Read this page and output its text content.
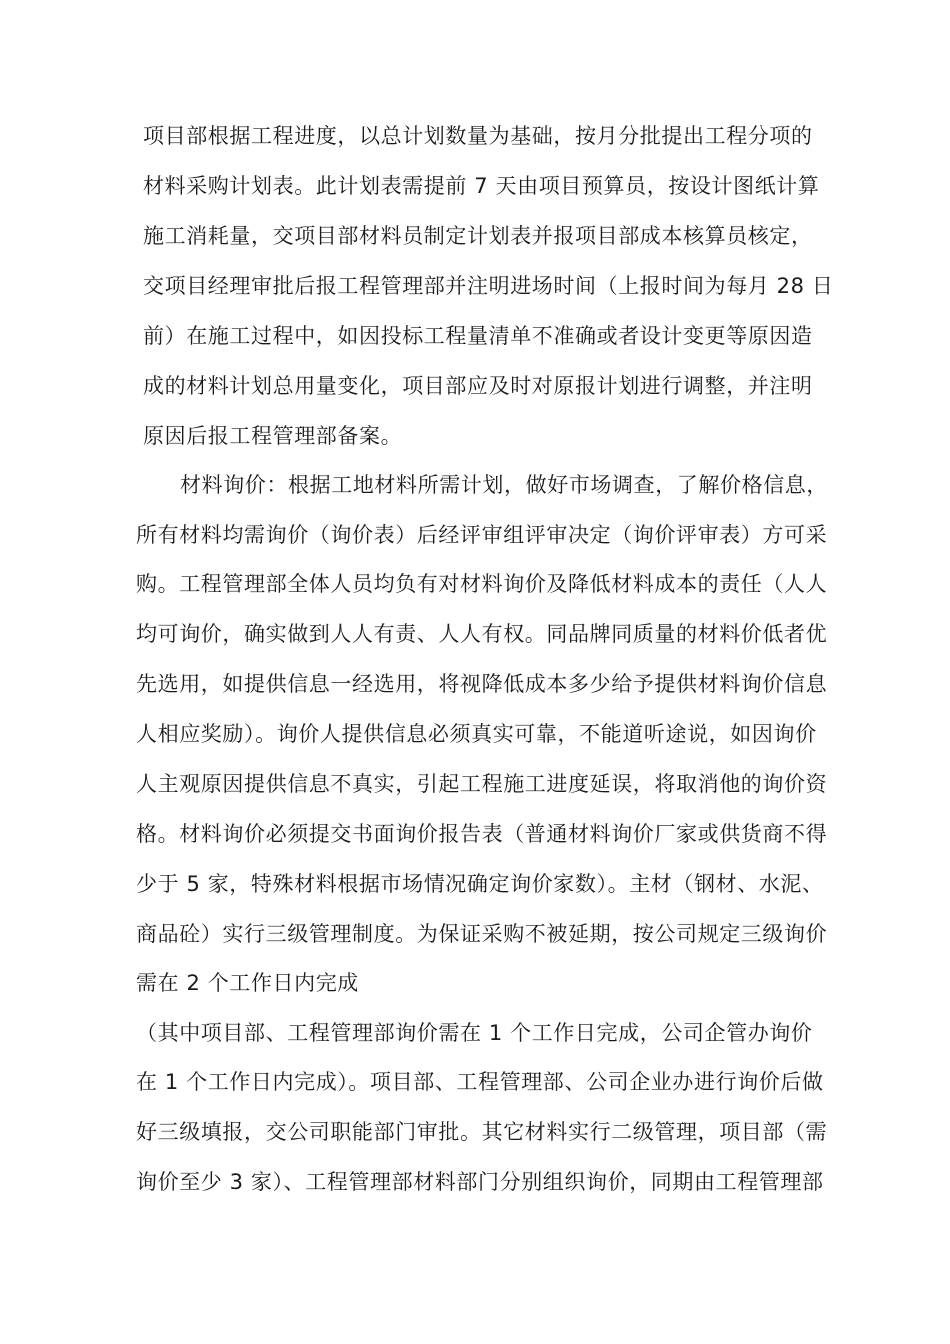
项目部根据工程进度，以总计划数量为基础，按月分批提出工程分项的
材料采购计划表。此计划表需提前 7 天由项目预算员，按设计图纸计算
施工消耗量，交项目部材料员制定计划表并报项目部成本核算员核定，
交项目经理审批后报工程管理部并注明进场时间（上报时间为每月 28 日
前）在施工过程中，如因投标工程量清单不准确或者设计变更等原因造
成的材料计划总用量变化，项目部应及时对原报计划进行调整，并注明
原因后报工程管理部备案。
材料询价：根据工地材料所需计划，做好市场调查，了解价格信息，
所有材料均需询价（询价表）后经评审组评审决定（询价评审表）方可采
购。工程管理部全体人员均负有对材料询价及降低材料成本的责任（人人
均可询价，确实做到人人有责、人人有权。同品牌同质量的材料价低者优
先选用，如提供信息一经选用，将视降低成本多少给予提供材料询价信息
人相应奖励）。询价人提供信息必须真实可靠，不能道听途说，如因询价
人主观原因提供信息不真实，引起工程施工进度延误，将取消他的询价资
格。材料询价必须提交书面询价报告表（普通材料询价厂家或供货商不得
少于 5 家，特殊材料根据市场情况确定询价家数）。主材（钢材、水泥、
商品砼）实行三级管理制度。为保证采购不被延期，按公司规定三级询价
需在 2 个工作日内完成
（其中项目部、工程管理部询价需在 1 个工作日完成，公司企管办询价
在 1 个工作日内完成）。项目部、工程管理部、公司企业办进行询价后做
好三级填报，交公司职能部门审批。其它材料实行二级管理，项目部（需
询价至少 3 家）、工程管理部材料部门分别组织询价，同期由工程管理部
